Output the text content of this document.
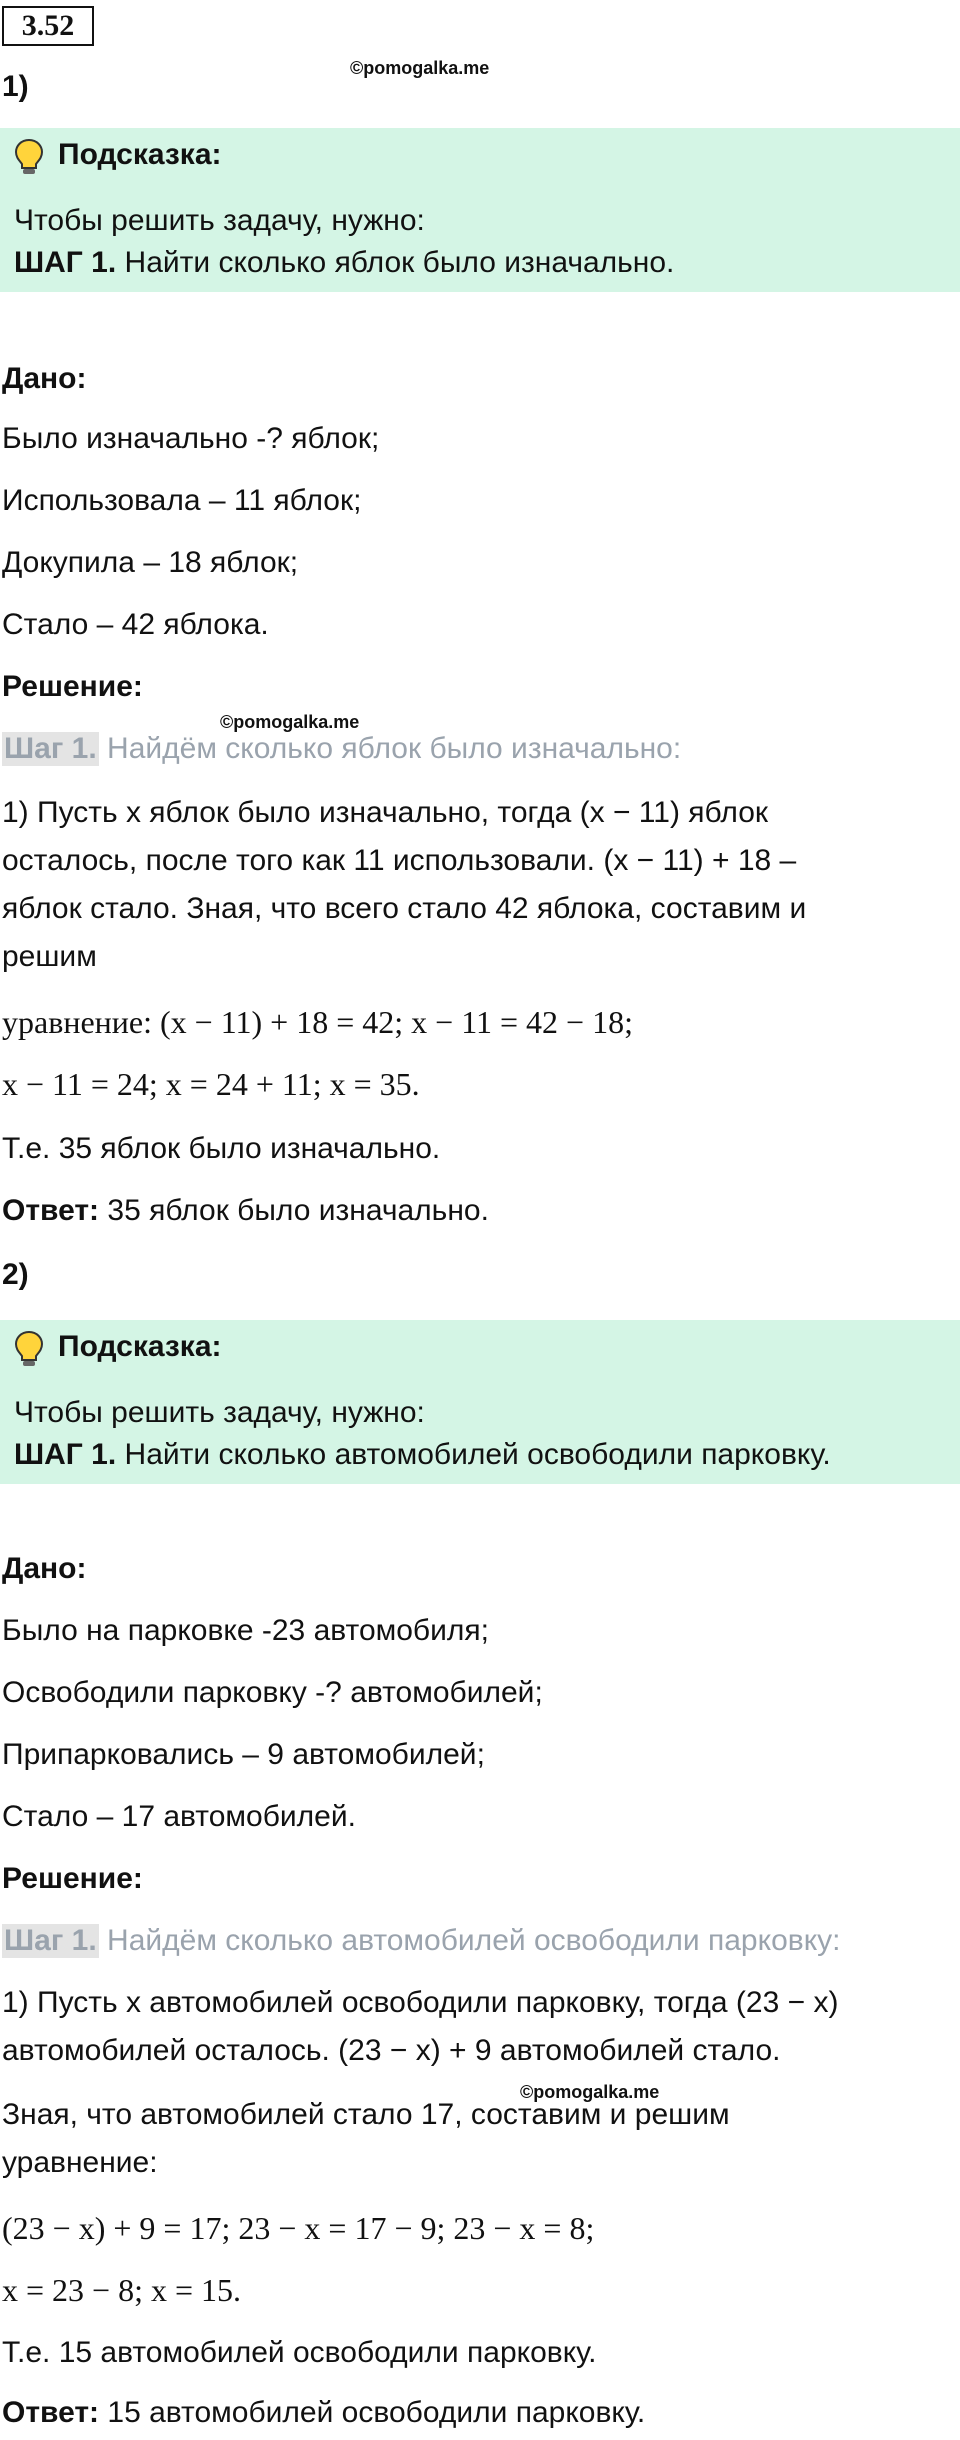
3.52
©pomogalka.me
1)
Подсказка:
Чтобы решить задачу, нужно:
ШАГ 1. Найти сколько яблок было изначально.
Дано:
Было изначально -? яблок;
Использовала – 11 яблок;
Докупила – 18 яблок;
Стало – 42 яблока.
Решение:
©pomogalka.me
Шаг 1. Найдём сколько яблок было изначально:
1) Пусть x яблок было изначально, тогда (x − 11) яблок
осталось, после того как 11 использовали. (x − 11) + 18 –
яблок стало. Зная, что всего стало 42 яблока, составим и
решим
уравнение: (x − 11) + 18 = 42; x − 11 = 42 − 18;
x − 11 = 24; x = 24 + 11; x = 35.
Т.е. 35 яблок было изначально.
Ответ: 35 яблок было изначально.
2)
Подсказка:
Чтобы решить задачу, нужно:
ШАГ 1. Найти сколько автомобилей освободили парковку.
Дано:
Было на парковке -23 автомобиля;
Освободили парковку -? автомобилей;
Припарковались – 9 автомобилей;
Стало – 17 автомобилей.
Решение:
Шаг 1. Найдём сколько автомобилей освободили парковку:
1) Пусть x автомобилей освободили парковку, тогда (23 − x)
автомобилей осталось. (23 − x) + 9 автомобилей стало.
©pomogalka.me
Зная, что автомобилей стало 17, составим и решим
уравнение:
(23 − x) + 9 = 17; 23 − x = 17 − 9; 23 − x = 8;
x = 23 − 8; x = 15.
Т.е. 15 автомобилей освободили парковку.
Ответ: 15 автомобилей освободили парковку.
